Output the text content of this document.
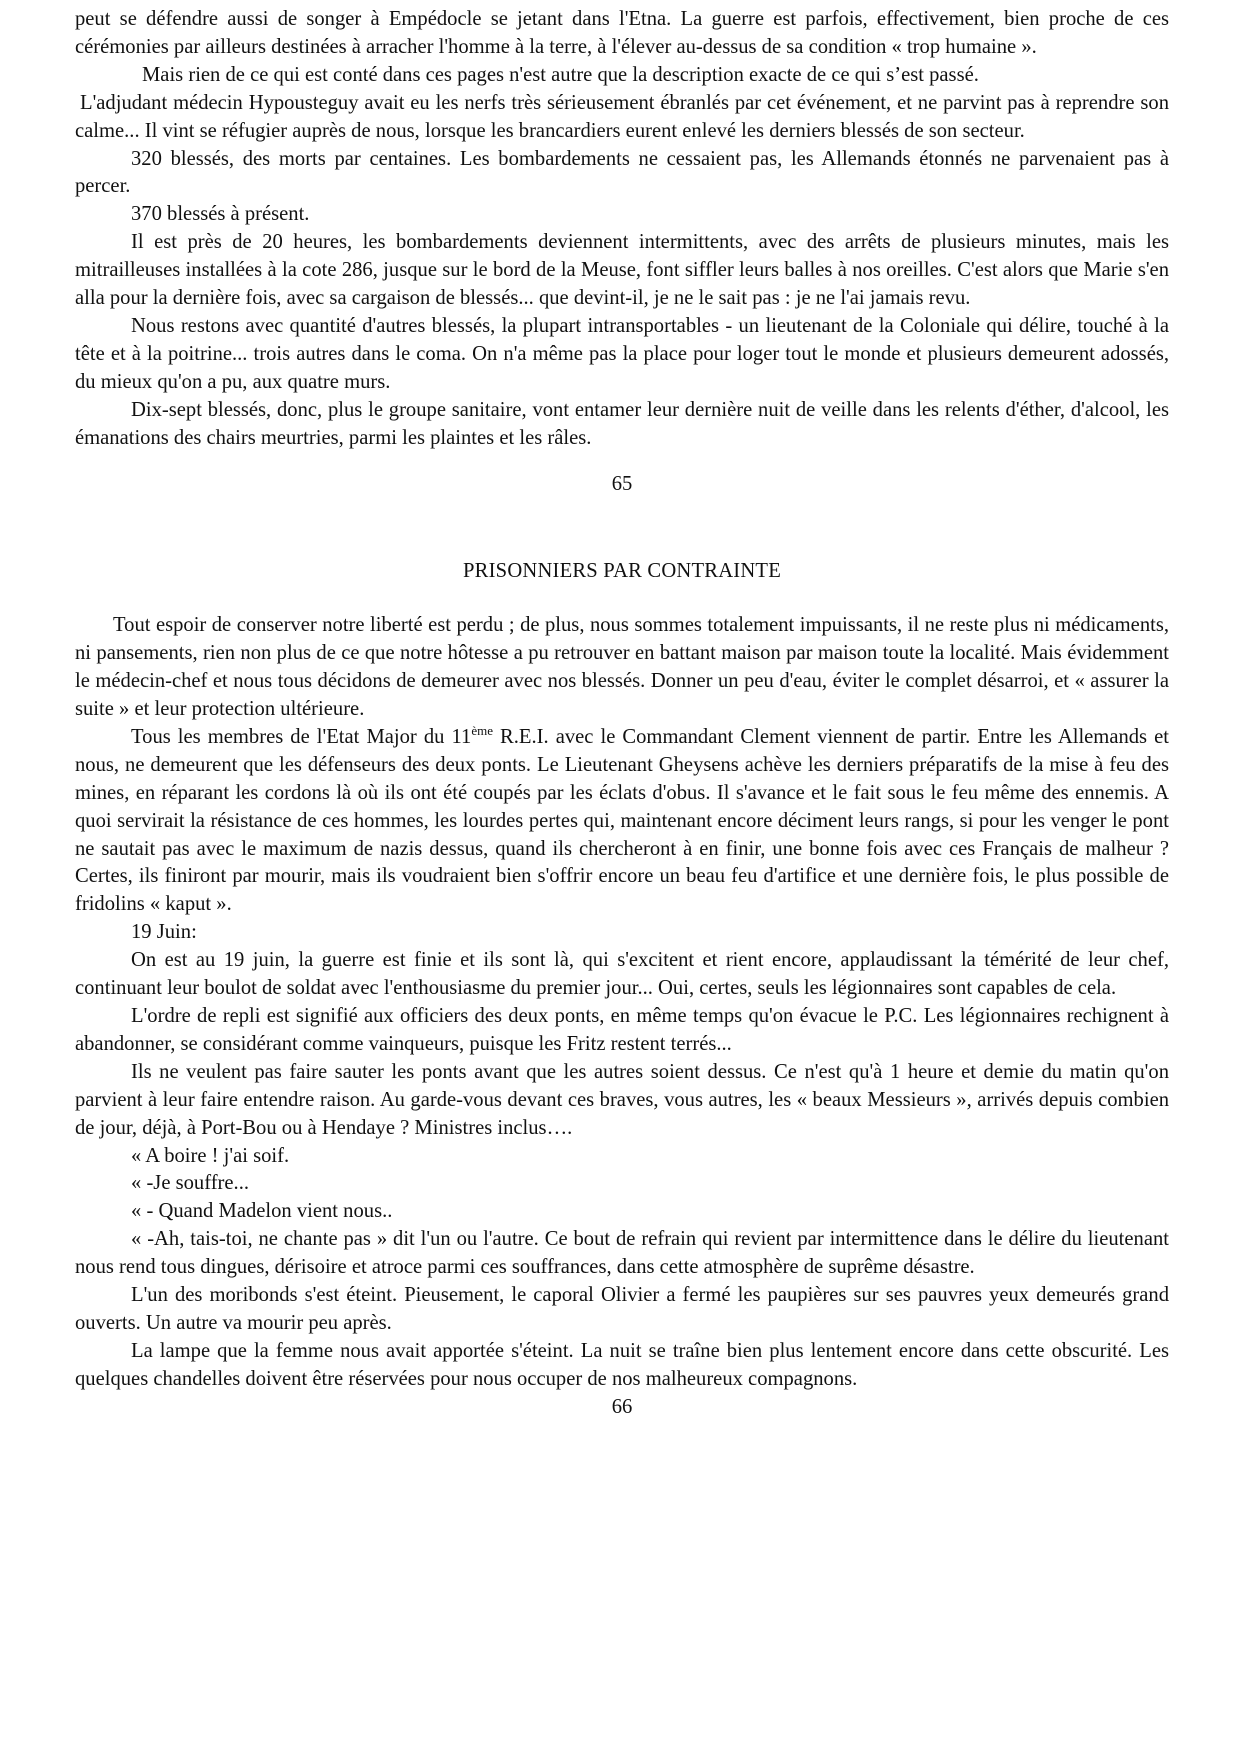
peut se défendre aussi de songer à Empédocle se jetant dans l'Etna. La guerre est parfois, effectivement, bien proche de ces cérémonies par ailleurs destinées à arracher l'homme à la terre, à l'élever au-dessus de sa condition « trop humaine ».

Mais rien de ce qui est conté dans ces pages n'est autre que la description exacte de ce qui s’est passé.

L'adjudant médecin Hypousteguy avait eu les nerfs très sérieusement ébranlés par cet événement, et ne parvint pas à reprendre son calme... Il vint se réfugier auprès de nous, lorsque les brancardiers eurent enlevé les derniers blessés de son secteur.

320 blessés, des morts par centaines. Les bombardements ne cessaient pas, les Allemands étonnés ne parvenaient pas à percer.

370 blessés à présent.

Il est près de 20 heures, les bombardements deviennent intermittents, avec des arrêts de plusieurs minutes, mais les mitrailleuses installées à la cote 286, jusque sur le bord de la Meuse, font siffler leurs balles à nos oreilles. C'est alors que Marie s'en alla pour la dernière fois, avec sa cargaison de blessés... que devint-il, je ne le sait pas : je ne l'ai jamais revu.

Nous restons avec quantité d'autres blessés, la plupart intransportables - un lieutenant de la Coloniale qui délire, touché à la tête et à la poitrine... trois autres dans le coma. On n'a même pas la place pour loger tout le monde et plusieurs demeurent adossés, du mieux qu'on a pu, aux quatre murs.

Dix-sept blessés, donc, plus le groupe sanitaire, vont entamer leur dernière nuit de veille dans les relents d'éther, d'alcool, les émanations des chairs meurtries, parmi les plaintes et les râles.

65

PRISONNIERS PAR CONTRAINTE

Tout espoir de conserver notre liberté est perdu ; de plus, nous sommes totalement impuissants, il ne reste plus ni médicaments, ni pansements, rien non plus de ce que notre hôtesse a pu retrouver en battant maison par maison toute la localité. Mais évidemment le médecin-chef et nous tous décidons de demeurer avec nos blessés. Donner un peu d'eau, éviter le complet désarroi, et « assurer la suite » et leur protection ultérieure.

Tous les membres de l'Etat Major du 11ème R.E.I. avec le Commandant Clement viennent de partir. Entre les Allemands et nous, ne demeurent que les défenseurs des deux ponts. Le Lieutenant Gheysens achève les derniers préparatifs de la mise à feu des mines, en réparant les cordons là où ils ont été coupés par les éclats d'obus. Il s'avance et le fait sous le feu même des ennemis. A quoi servirait la résistance de ces hommes, les lourdes pertes qui, maintenant encore déciment leurs rangs, si pour les venger le pont ne sautait pas avec le maximum de nazis dessus, quand ils chercheront à en finir, une bonne fois avec ces Français de malheur ? Certes, ils finiront par mourir, mais ils voudraient bien s'offrir encore un beau feu d'artifice et une dernière fois, le plus possible de fridolins « kaput ».

19 Juin:

On est au 19 juin, la guerre est finie et ils sont là, qui s'excitent et rient encore, applaudissant la témérité de leur chef, continuant leur boulot de soldat avec l'enthousiasme du premier jour... Oui, certes, seuls les légionnaires sont capables de cela.

L'ordre de repli est signifié aux officiers des deux ponts, en même temps qu'on évacue le P.C. Les légionnaires rechignent à abandonner, se considérant comme vainqueurs, puisque les Fritz restent terrés...

Ils ne veulent pas faire sauter les ponts avant que les autres soient dessus. Ce n'est qu'à 1 heure et demie du matin qu'on parvient à leur faire entendre raison. Au garde-vous devant ces braves, vous autres, les « beaux Messieurs », arrivés depuis combien de jour, déjà, à Port-Bou ou à Hendaye ? Ministres inclus….

« A boire ! j'ai soif.

« -Je souffre...

« - Quand Madelon vient nous..

« -Ah, tais-toi, ne chante pas » dit l'un ou l'autre. Ce bout de refrain qui revient par intermittence dans le délire du lieutenant nous rend tous dingues, dérisoire et atroce parmi ces souffrances, dans cette atmosphère de suprême désastre.

L'un des moribonds s'est éteint. Pieusement, le caporal Olivier a fermé les paupières sur ses pauvres yeux demeurés grand ouverts. Un autre va mourir peu après.

La lampe que la femme nous avait apportée s'éteint. La nuit se traîne bien plus lentement encore dans cette obscurité. Les quelques chandelles doivent être réservées pour nous occuper de nos malheureux compagnons.

66
